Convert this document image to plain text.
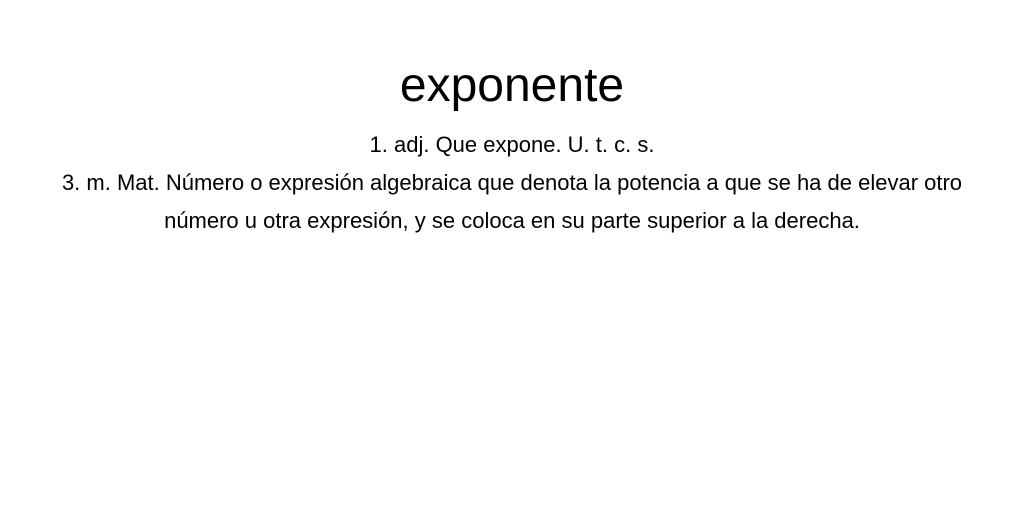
exponente
1. adj. Que expone. U. t. c. s.
3. m. Mat. Número o expresión algebraica que denota la potencia a que se ha de elevar otro número u otra expresión, y se coloca en su parte superior a la derecha.
